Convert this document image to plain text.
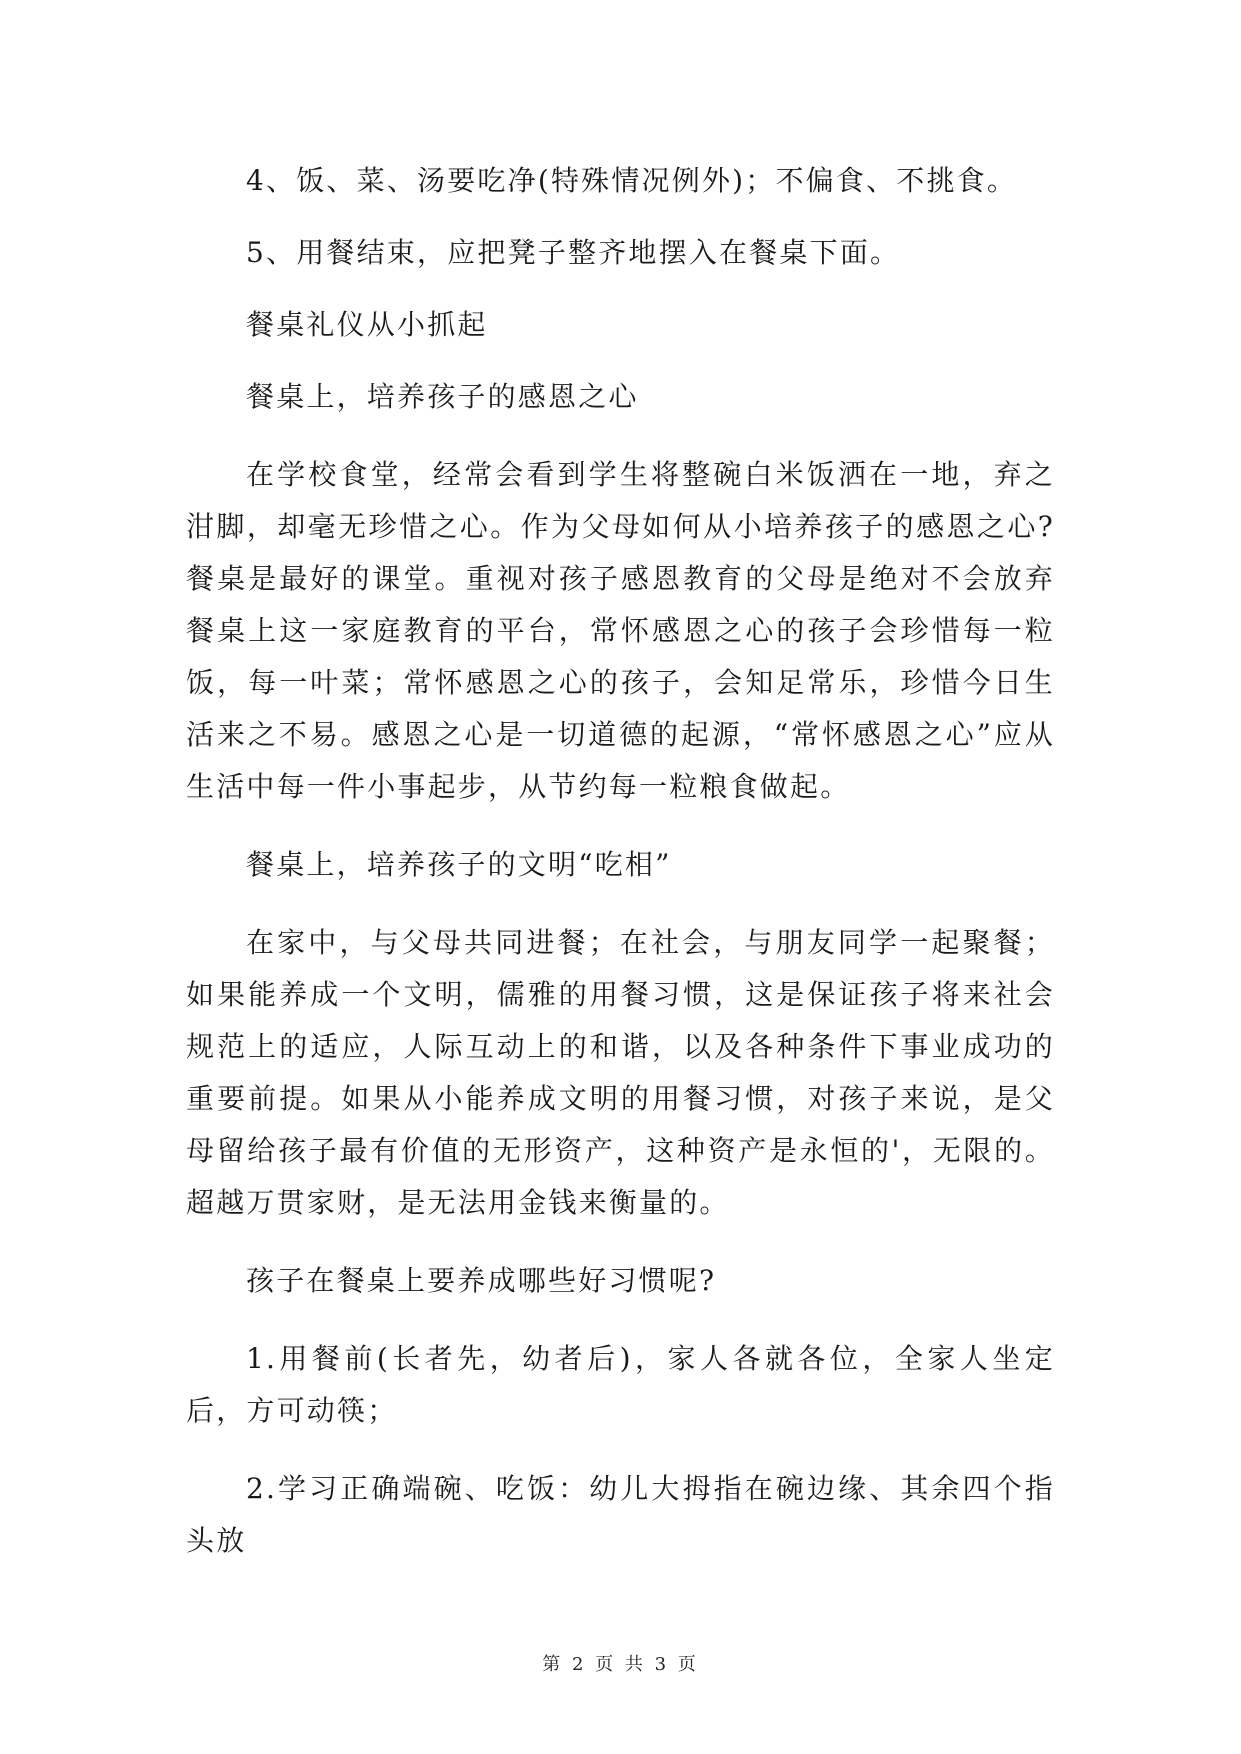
4、饭、菜、汤要吃净(特殊情况例外)；不偏食、不挑食。

5、用餐结束，应把凳子整齐地摆入在餐桌下面。

餐桌礼仪从小抓起

餐桌上，培养孩子的感恩之心

在学校食堂，经常会看到学生将整碗白米饭洒在一地，弃之泔脚，却毫无珍惜之心。作为父母如何从小培养孩子的感恩之心?餐桌是最好的课堂。重视对孩子感恩教育的父母是绝对不会放弃餐桌上这一家庭教育的平台，常怀感恩之心的孩子会珍惜每一粒饭，每一叶菜；常怀感恩之心的孩子，会知足常乐，珍惜今日生活来之不易。感恩之心是一切道德的起源，“常怀感恩之心”应从生活中每一件小事起步，从节约每一粒粮食做起。

餐桌上，培养孩子的文明“吃相”

在家中，与父母共同进餐；在社会，与朋友同学一起聚餐；如果能养成一个文明，儒雅的用餐习惯，这是保证孩子将来社会规范上的适应，人际互动上的和谐，以及各种条件下事业成功的重要前提。如果从小能养成文明的用餐习惯，对孩子来说，是父母留给孩子最有价值的无形资产，这种资产是永恒的'，无限的。超越万贯家财，是无法用金钱来衡量的。

孩子在餐桌上要养成哪些好习惯呢?

1.用餐前(长者先，幼者后)，家人各就各位，全家人坐定后，方可动筷；

2.学习正确端碗、吃饭：幼儿大拇指在碗边缘、其余四个指头放

第 2 页 共 3 页
